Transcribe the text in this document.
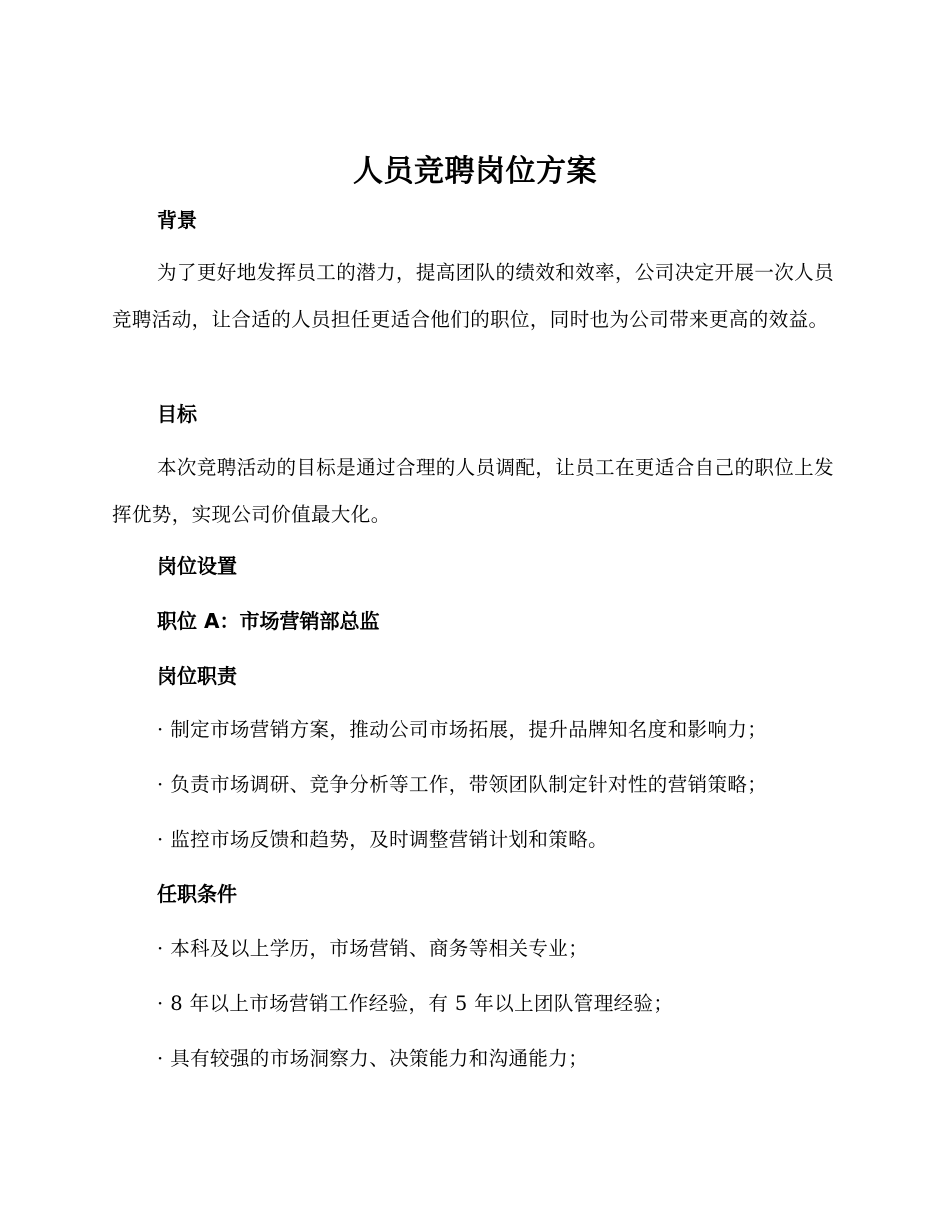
人员竞聘岗位方案
背景

为了更好地发挥员工的潜力，提高团队的绩效和效率，公司决定开展一次人员竞聘活动，让合适的人员担任更适合他们的职位，同时也为公司带来更高的效益。

目标

本次竞聘活动的目标是通过合理的人员调配，让员工在更适合自己的职位上发挥优势，实现公司价值最大化。

岗位设置
职位 A：市场营销部总监
岗位职责

· 制定市场营销方案，推动公司市场拓展，提升品牌知名度和影响力；

· 负责市场调研、竞争分析等工作，带领团队制定针对性的营销策略；

· 监控市场反馈和趋势，及时调整营销计划和策略。

任职条件

· 本科及以上学历，市场营销、商务等相关专业；

· 8 年以上市场营销工作经验，有 5 年以上团队管理经验；

· 具有较强的市场洞察力、决策能力和沟通能力；
